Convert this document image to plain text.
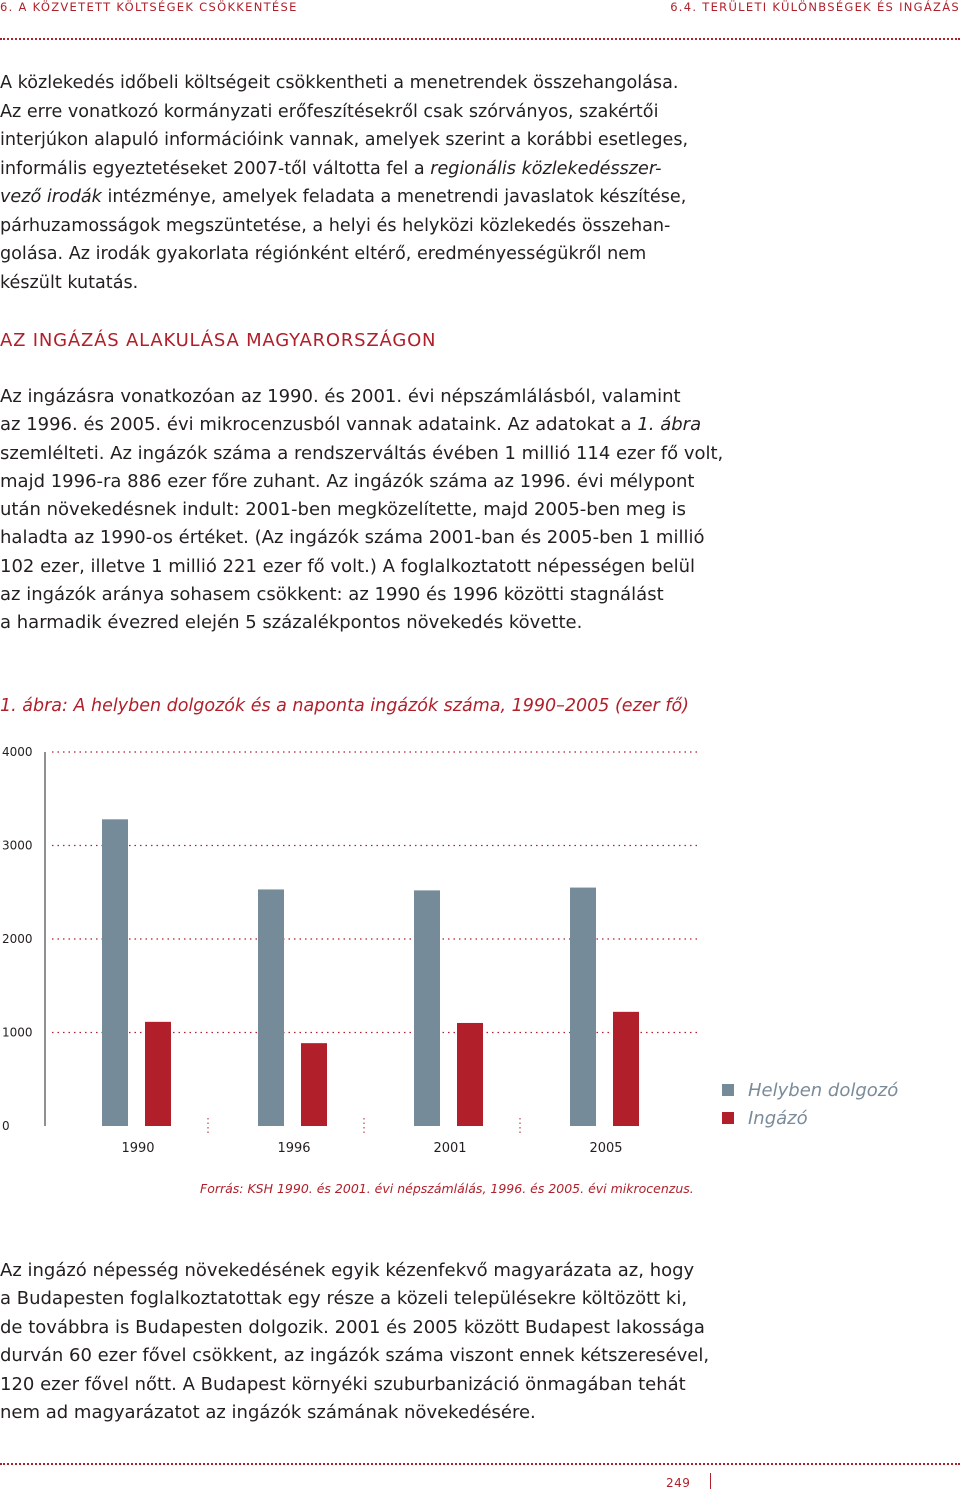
6. A KÖZVETETT KÖLTSÉGEK CSÖKKENTÉSE	6.4. TERÜLETI KÜLÖNBSÉGEK ÉS INGÁZÁS

A közlekedés időbeli költségeit csökkentheti a menetrendek összehangolása.
Az erre vonatkozó kormányzati erőfeszítésekről csak szórványos, szakértői
interjúkon alapuló információink vannak, amelyek szerint a korábbi esetleges,
informális egyeztetéseket 2007-től váltotta fel a regionális közlekedésszer-
vező irodák intézménye, amelyek feladata a menetrendi javaslatok készítése,
párhuzamosságok megszüntetése, a helyi és helyközi közlekedés összehan-
golása. Az irodák gyakorlata régiónként eltérő, eredményességükről nem
készült kutatás.

AZ INGÁZÁS ALAKULÁSA MAGYARORSZÁGON

Az ingázásra vonatkozóan az 1990. és 2001. évi népszámlálásból, valamint
az 1996. és 2005. évi mikrocenzusból vannak adataink. Az adatokat a 1. ábra
szemlélteti. Az ingázók száma a rendszerváltás évében 1 millió 114 ezer fő volt,
majd 1996-ra 886 ezer főre zuhant. Az ingázók száma az 1996. évi mélypont
után növekedésnek indult: 2001-ben megközelítette, majd 2005-ben meg is
haladta az 1990-os értéket. (Az ingázók száma 2001-ban és 2005-ben 1 millió
102 ezer, illetve 1 millió 221 ezer fő volt.) A foglalkoztatott népességen belül
az ingázók aránya sohasem csökkent: az 1990 és 1996 közötti stagnálást
a harmadik évezred elején 5 százalékpontos növekedés követte.

1. ábra: A helyben dolgozók és a naponta ingázók száma, 1990–2005 (ezer fő)

0
1000
2000
3000
4000
1990	1996	2001	2005
Helyben dolgozó
Ingázó
Forrás: KSH 1990. és 2001. évi népszámlálás, 1996. és 2005. évi mikrocenzus.

Az ingázó népesség növekedésének egyik kézenfekvő magyarázata az, hogy
a Budapesten foglalkoztatottak egy része a közeli településekre költözött ki,
de továbbra is Budapesten dolgozik. 2001 és 2005 között Budapest lakossága
durván 60 ezer fővel csökkent, az ingázók száma viszont ennek kétszeresével,
120 ezer fővel nőtt. A Budapest környéki szuburbanizáció önmagában tehát
nem ad magyarázatot az ingázók számának növekedésére.

249
